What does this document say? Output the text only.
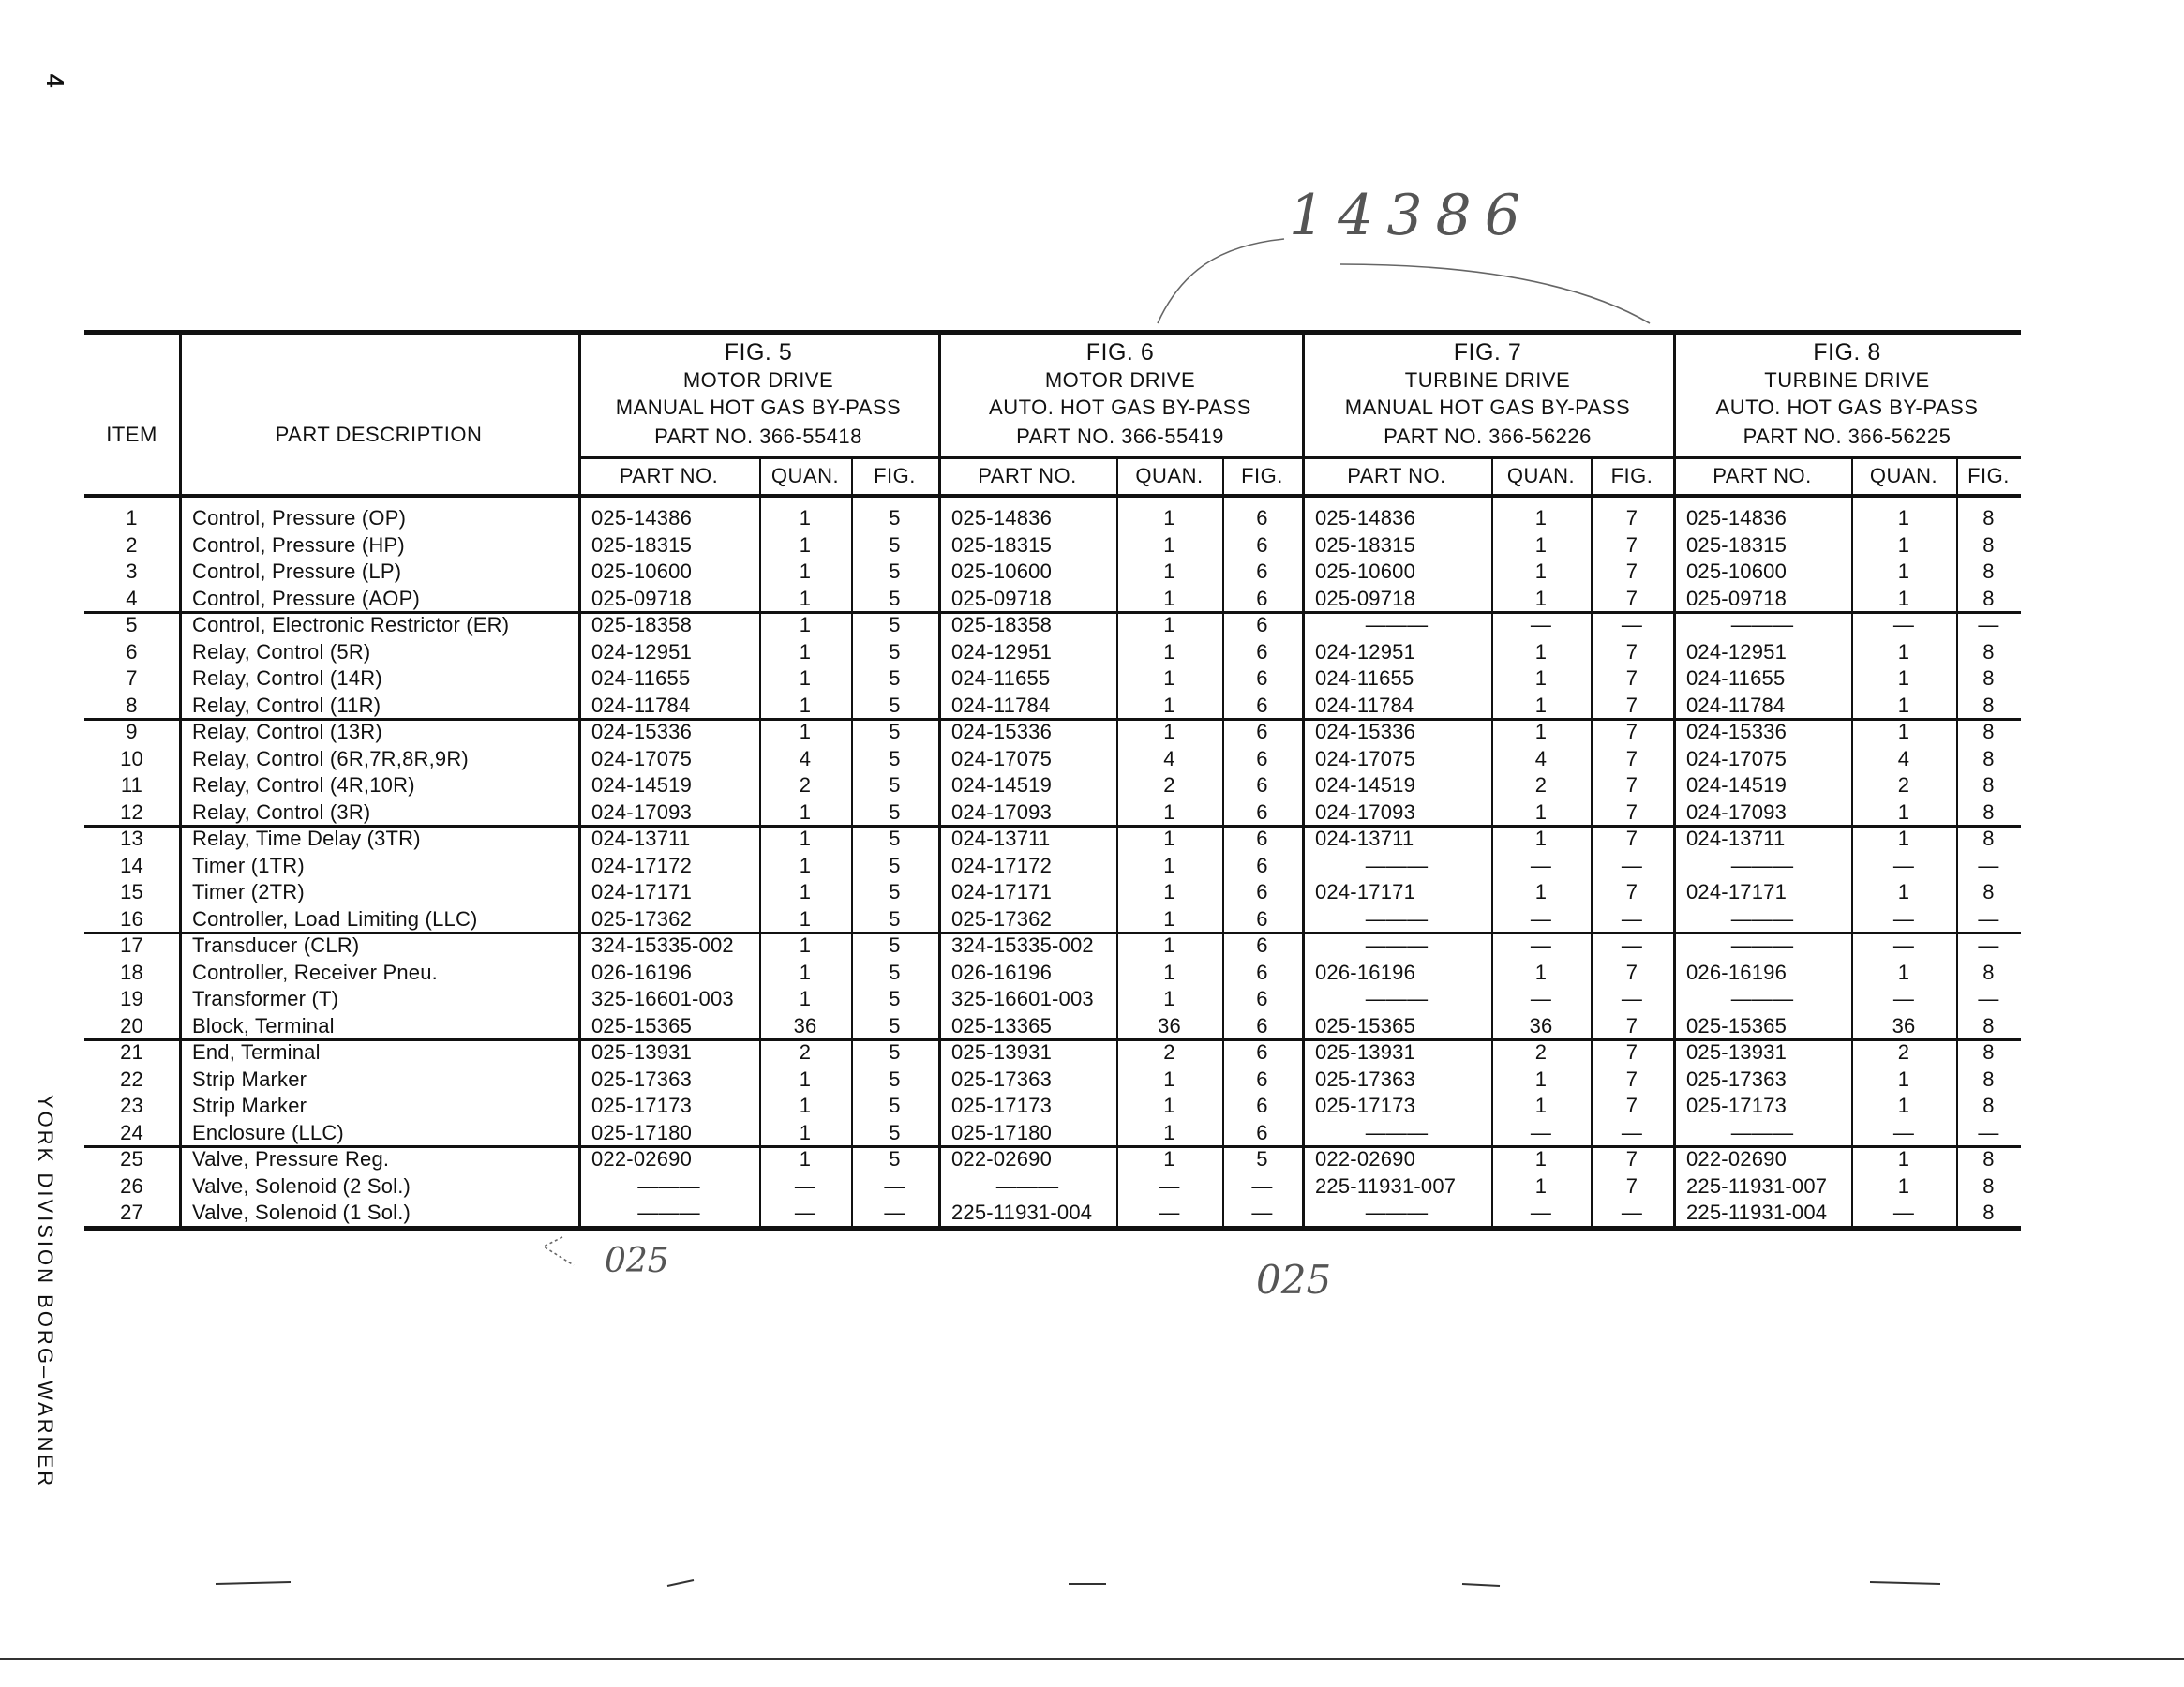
4
YORK DIVISION BORG–WARNER
14386
025	025
ITEM	PART DESCRIPTION
FIG. 5
MOTOR DRIVE
MANUAL HOT GAS BY-PASS
PART NO. 366-55418
PART NO.	QUAN.	FIG.
FIG. 6
MOTOR DRIVE
AUTO. HOT GAS BY-PASS
PART NO. 366-55419
PART NO.	QUAN.	FIG.
FIG. 7
TURBINE DRIVE
MANUAL HOT GAS BY-PASS
PART NO. 366-56226
PART NO.	QUAN.	FIG.
FIG. 8
TURBINE DRIVE
AUTO. HOT GAS BY-PASS
PART NO. 366-56225
PART NO.	QUAN.	FIG.
1	Control, Pressure (OP)	025-14386	1	5	025-14836	1	6	025-14836	1	7	025-14836	1	8
2	Control, Pressure (HP)	025-18315	1	5	025-18315	1	6	025-18315	1	7	025-18315	1	8
3	Control, Pressure (LP)	025-10600	1	5	025-10600	1	6	025-10600	1	7	025-10600	1	8
4	Control, Pressure (AOP)	025-09718	1	5	025-09718	1	6	025-09718	1	7	025-09718	1	8
5	Control, Electronic Restrictor (ER)	025-18358	1	5	025-18358	1	6	———	—	—	———	—	—
6	Relay, Control (5R)	024-12951	1	5	024-12951	1	6	024-12951	1	7	024-12951	1	8
7	Relay, Control (14R)	024-11655	1	5	024-11655	1	6	024-11655	1	7	024-11655	1	8
8	Relay, Control (11R)	024-11784	1	5	024-11784	1	6	024-11784	1	7	024-11784	1	8
9	Relay, Control (13R)	024-15336	1	5	024-15336	1	6	024-15336	1	7	024-15336	1	8
10	Relay, Control (6R,7R,8R,9R)	024-17075	4	5	024-17075	4	6	024-17075	4	7	024-17075	4	8
11	Relay, Control (4R,10R)	024-14519	2	5	024-14519	2	6	024-14519	2	7	024-14519	2	8
12	Relay, Control (3R)	024-17093	1	5	024-17093	1	6	024-17093	1	7	024-17093	1	8
13	Relay, Time Delay (3TR)	024-13711	1	5	024-13711	1	6	024-13711	1	7	024-13711	1	8
14	Timer (1TR)	024-17172	1	5	024-17172	1	6	———	—	—	———	—	—
15	Timer (2TR)	024-17171	1	5	024-17171	1	6	024-17171	1	7	024-17171	1	8
16	Controller, Load Limiting (LLC)	025-17362	1	5	025-17362	1	6	———	—	—	———	—	—
17	Transducer (CLR)	324-15335-002	1	5	324-15335-002	1	6	———	—	—	———	—	—
18	Controller, Receiver Pneu.	026-16196	1	5	026-16196	1	6	026-16196	1	7	026-16196	1	8
19	Transformer (T)	325-16601-003	1	5	325-16601-003	1	6	———	—	—	———	—	—
20	Block, Terminal	025-15365	36	5	025-13365	36	6	025-15365	36	7	025-15365	36	8
21	End, Terminal	025-13931	2	5	025-13931	2	6	025-13931	2	7	025-13931	2	8
22	Strip Marker	025-17363	1	5	025-17363	1	6	025-17363	1	7	025-17363	1	8
23	Strip Marker	025-17173	1	5	025-17173	1	6	025-17173	1	7	025-17173	1	8
24	Enclosure (LLC)	025-17180	1	5	025-17180	1	6	———	—	—	———	—	—
25	Valve, Pressure Reg.	022-02690	1	5	022-02690	1	5	022-02690	1	7	022-02690	1	8
26	Valve, Solenoid (2 Sol.)	———	—	—	———	—	—	225-11931-007	1	7	225-11931-007	1	8
27	Valve, Solenoid (1 Sol.)	———	—	—	225-11931-004	—	—	———	—	—	225-11931-004	—	8
